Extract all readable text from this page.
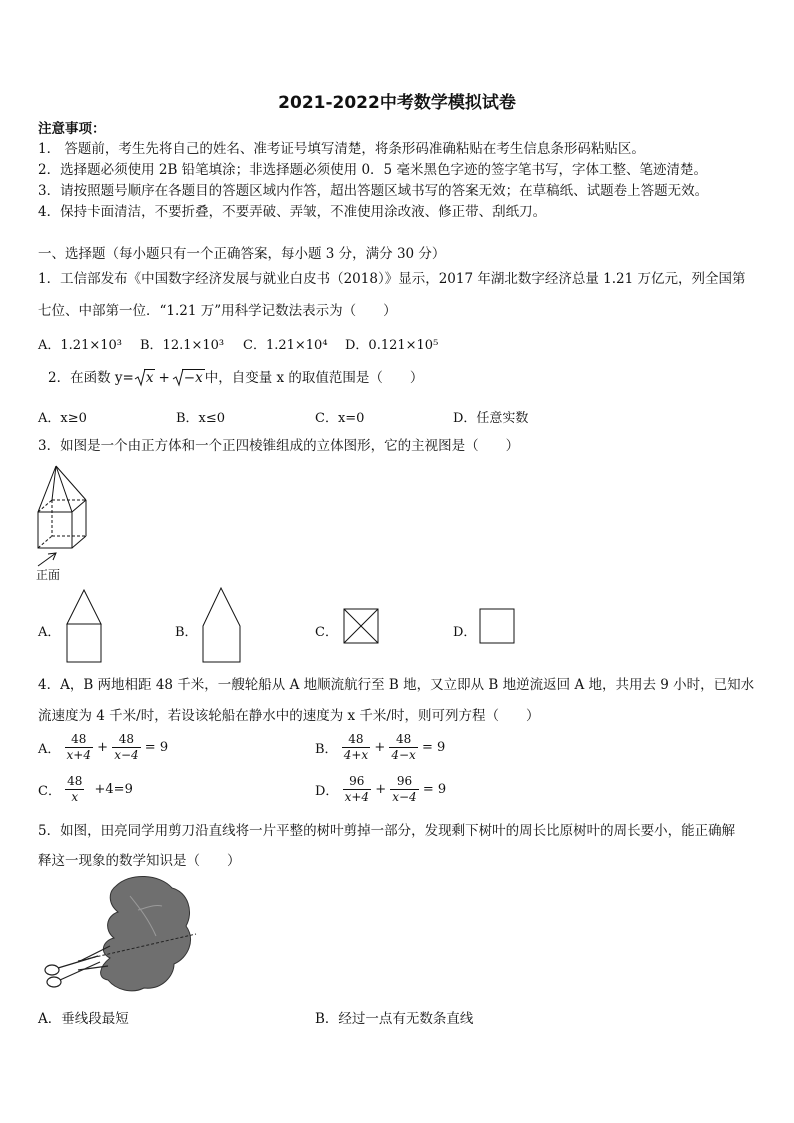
2021-2022中考数学模拟试卷
注意事项：
1． 答题前，考生先将自己的姓名、准考证号填写清楚，将条形码准确粘贴在考生信息条形码粘贴区。
2．选择题必须使用 2B 铅笔填涂；非选择题必须使用 0．5 毫米黑色字迹的签字笔书写，字体工整、笔迹清楚。
3．请按照题号顺序在各题目的答题区域内作答，超出答题区域书写的答案无效；在草稿纸、试题卷上答题无效。
4．保持卡面清洁，不要折叠，不要弄破、弄皱，不准使用涂改液、修正带、刮纸刀。
一、选择题（每小题只有一个正确答案，每小题 3 分，满分 30 分）
1．工信部发布《中国数字经济发展与就业白皮书（2018）》显示，2017 年湖北数字经济总量 1.21 万亿元，列全国第
七位、中部第一位．“1.21 万”用科学记数法表示为（　　）
A．1.21×10³ B．12.1×10³ C．1.21×10⁴ D．0.121×10⁵
2．在函数 y= x + −x 中，自变量 x 的取值范围是（　　）
A．x≥0	B．x≤0	C．x=0	D．任意实数
3．如图是一个由正方体和一个正四棱锥组成的立体图形，它的主视图是（　　）
正面
A．	B．	C．	D．
4．A，B 两地相距 48 千米，一艘轮船从 A 地顺流航行至 B 地，又立即从 B 地逆流返回 A 地，共用去 9 小时，已知水
流速度为 4 千米/时，若设该轮船在静水中的速度为 x 千米/时，则可列方程（　　）
A． $\frac{48}{x+4} + \frac{48}{x-4} = 9$	B． $\frac{48}{4+x} + \frac{48}{4-x} = 9$
C． $\frac{48}{x} +4=9$	D． $\frac{96}{x+4} + \frac{96}{x-4} = 9$
5．如图，田亮同学用剪刀沿直线将一片平整的树叶剪掉一部分，发现剩下树叶的周长比原树叶的周长要小，能正确解
释这一现象的数学知识是（　　）
A．垂线段最短	B．经过一点有无数条直线
